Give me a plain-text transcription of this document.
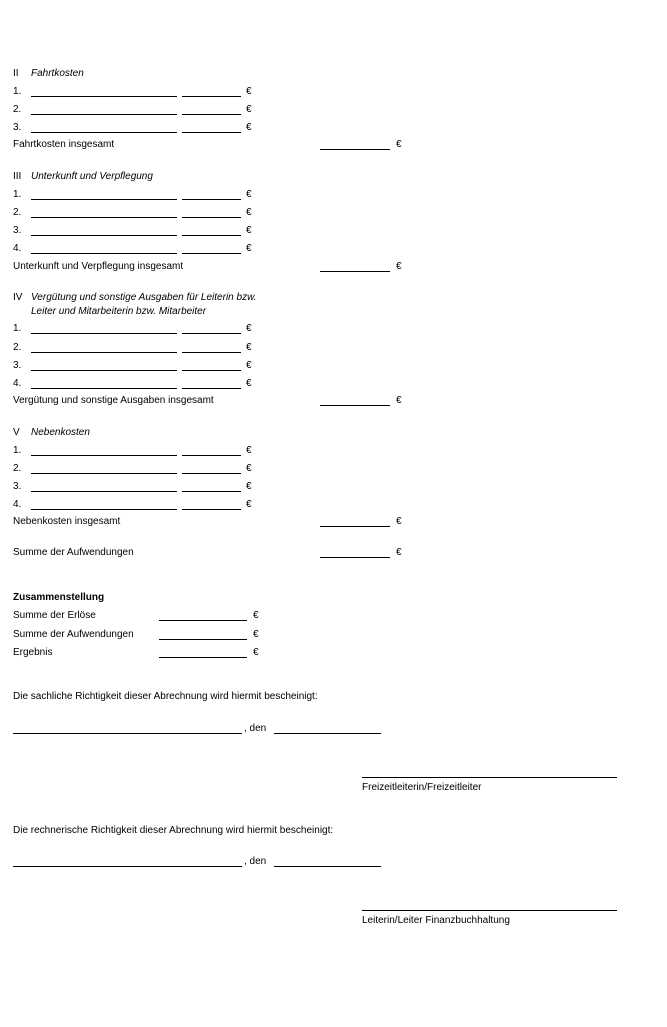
II Fahrtkosten
1.	€
2.	€
3.	€
Fahrtkosten insgesamt	€
III Unterkunft und Verpflegung
1.	€
2.	€
3.	€
4.	€
Unterkunft und Verpflegung insgesamt	€
IV Vergütung und sonstige Ausgaben für Leiterin bzw.
Leiter und Mitarbeiterin bzw. Mitarbeiter
1.	€
2.	€
3.	€
4.	€
Vergütung und sonstige Ausgaben insgesamt	€
V Nebenkosten
1.	€
2.	€
3.	€
4.	€
Nebenkosten insgesamt	€
Summe der Aufwendungen	€
Zusammenstellung
Summe der Erlöse	€
Summe der Aufwendungen	€
Ergebnis	€
Die sachliche Richtigkeit dieser Abrechnung wird hiermit bescheinigt:
, den
Freizeitleiterin/Freizeitleiter
Die rechnerische Richtigkeit dieser Abrechnung wird hiermit bescheinigt:
, den
Leiterin/Leiter Finanzbuchhaltung
